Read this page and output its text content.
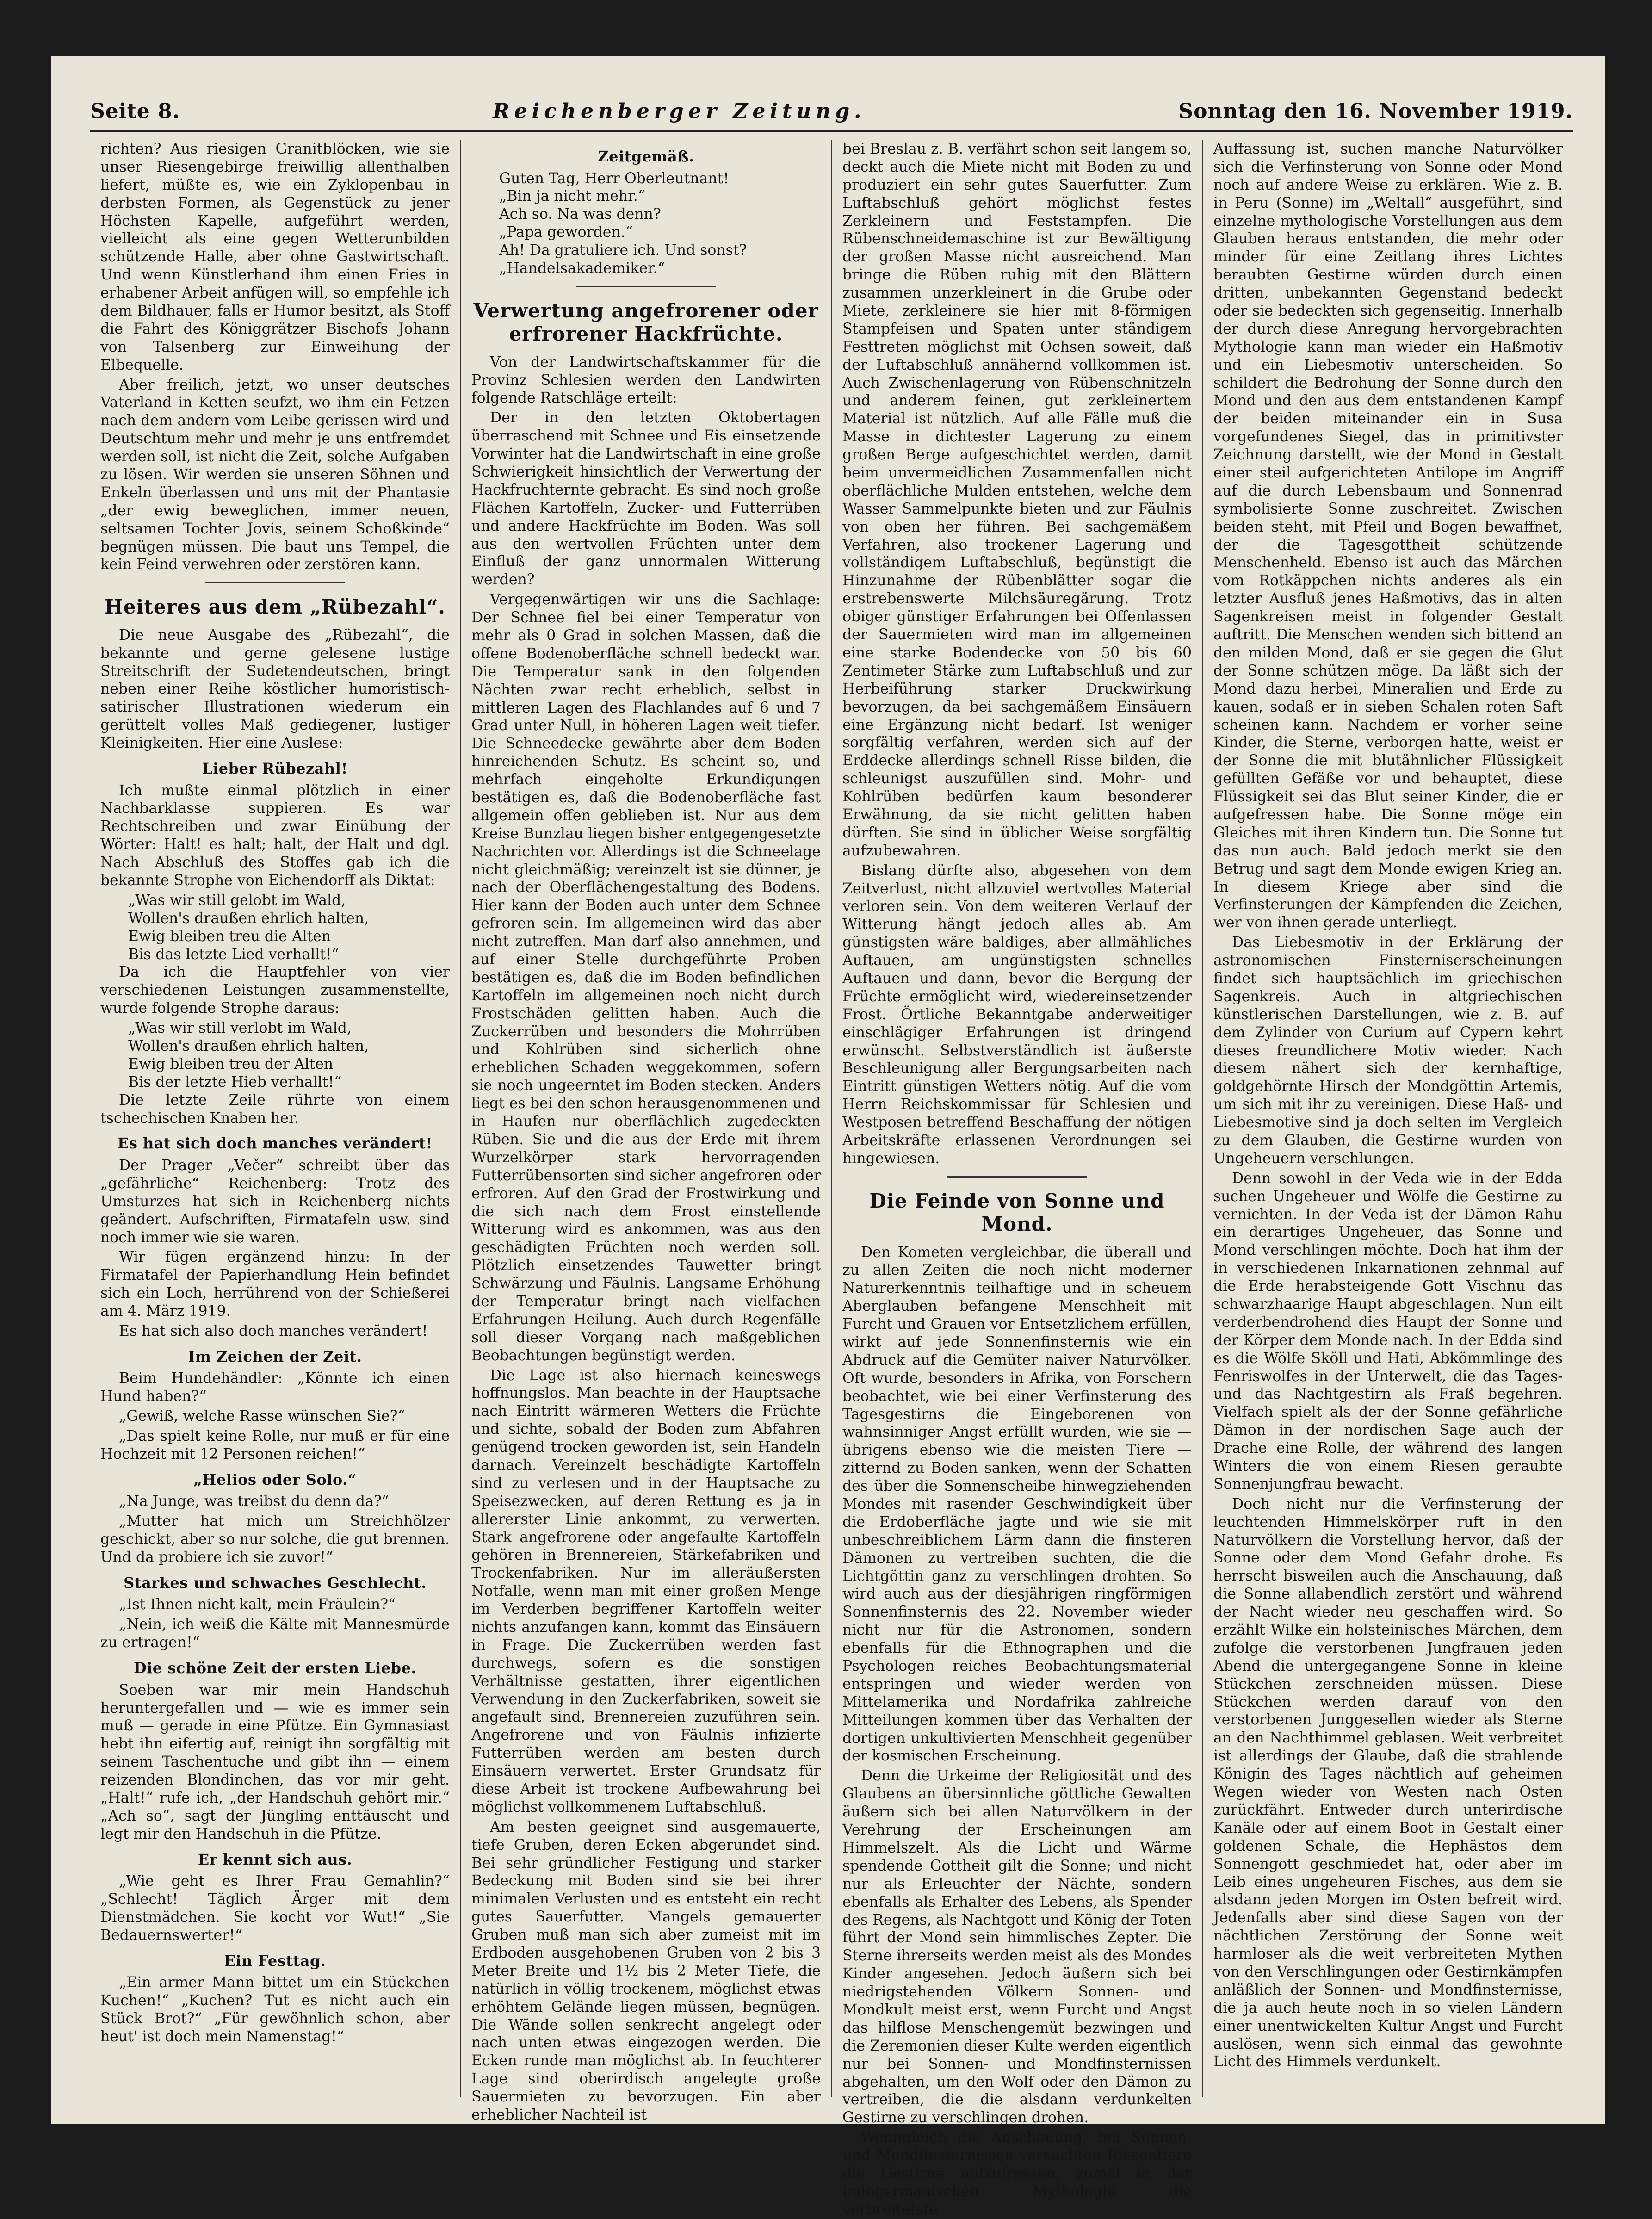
Seite 8.	Reichenberger Zeitung.	Sonntag den 16. November 1919.

richten? Aus riesigen Granitblöcken, wie sie unser Riesengebirge freiwillig allenthalben liefert, müßte es, wie ein Zyklopenbau in derbsten Formen, als Gegenstück zu jener Höchsten Kapelle, aufgeführt werden, vielleicht als eine gegen Wetterunbilden schützende Halle, aber ohne Gastwirtschaft. Und wenn Künstlerhand ihm einen Fries in erhabener Arbeit anfügen will, so empfehle ich dem Bildhauer, falls er Humor besitzt, als Stoff die Fahrt des Königgrätzer Bischofs Johann von Talsenberg zur Einweihung der Elbequelle.

Aber freilich, jetzt, wo unser deutsches Vaterland in Ketten seufzt, wo ihm ein Fetzen nach dem andern vom Leibe gerissen wird und Deutschtum mehr und mehr je uns entfremdet werden soll, ist nicht die Zeit, solche Aufgaben zu lösen. Wir werden sie unseren Söhnen und Enkeln überlassen und uns mit der Phantasie „der ewig beweglichen, immer neuen, seltsamen Tochter Jovis, seinem Schoßkinde“ begnügen müssen. Die baut uns Tempel, die kein Feind verwehren oder zerstören kann.

Heiteres aus dem „Rübezahl“.

Die neue Ausgabe des „Rübezahl“, die bekannte und gerne gelesene lustige Streitschrift der Sudetendeutschen, bringt neben einer Reihe köstlicher humoristisch-satirischer Illustrationen wiederum ein gerüttelt volles Maß gediegener, lustiger Kleinigkeiten. Hier eine Auslese:

Lieber Rübezahl!

Ich mußte einmal plötzlich in einer Nachbarklasse suppieren. Es war Rechtschreiben und zwar Einübung der Wörter: Halt! es halt; halt, der Halt und dgl. Nach Abschluß des Stoffes gab ich die bekannte Strophe von Eichendorff als Diktat:

„Was wir still gelobt im Wald,

Wollen's draußen ehrlich halten,

Ewig bleiben treu die Alten

Bis das letzte Lied verhallt!“

Da ich die Hauptfehler von vier verschiedenen Leistungen zusammenstellte, wurde folgende Strophe daraus:

„Was wir still verlobt im Wald,

Wollen's draußen ehrlich halten,

Ewig bleiben treu der Alten

Bis der letzte Hieb verhallt!“

Die letzte Zeile rührte von einem tschechischen Knaben her.

Es hat sich doch manches verändert!

Der Prager „Večer“ schreibt über das „gefährliche“ Reichenberg: Trotz des Umsturzes hat sich in Reichenberg nichts geändert. Aufschriften, Firmatafeln usw. sind noch immer wie sie waren.

Wir fügen ergänzend hinzu: In der Firmatafel der Papierhandlung Hein befindet sich ein Loch, herrührend von der Schießerei am 4. März 1919.

Es hat sich also doch manches verändert!

Im Zeichen der Zeit.

Beim Hundehändler: „Könnte ich einen Hund haben?“

„Gewiß, welche Rasse wünschen Sie?“

„Das spielt keine Rolle, nur muß er für eine Hochzeit mit 12 Personen reichen!“

„Helios oder Solo.“

„Na Junge, was treibst du denn da?“

„Mutter hat mich um Streichhölzer geschickt, aber so nur solche, die gut brennen. Und da probiere ich sie zuvor!“

Starkes und schwaches Geschlecht.

„Ist Ihnen nicht kalt, mein Fräulein?“

„Nein, ich weiß die Kälte mit Mannesmürde zu ertragen!“

Die schöne Zeit der ersten Liebe.

Soeben war mir mein Handschuh heruntergefallen und — wie es immer sein muß — gerade in eine Pfütze. Ein Gymnasiast hebt ihn eifertig auf, reinigt ihn sorgfältig mit seinem Taschentuche und gibt ihn — einem reizenden Blondinchen, das vor mir geht. „Halt!“ rufe ich, „der Handschuh gehört mir.“ „Ach so“, sagt der Jüngling enttäuscht und legt mir den Handschuh in die Pfütze.

Er kennt sich aus.

„Wie geht es Ihrer Frau Gemahlin?“ „Schlecht! Täglich Ärger mit dem Dienstmädchen. Sie kocht vor Wut!“ „Sie Bedauernswerter!“

Ein Festtag.

„Ein armer Mann bittet um ein Stückchen Kuchen!“ „Kuchen? Tut es nicht auch ein Stück Brot?“ „Für gewöhnlich schon, aber heut' ist doch mein Namenstag!“

Zeitgemäß.

Guten Tag, Herr Oberleutnant!

„Bin ja nicht mehr.“

Ach so. Na was denn?

„Papa geworden.“

Ah! Da gratuliere ich. Und sonst?

„Handelsakademiker.“

Verwertung angefrorener oder erfrorener Hackfrüchte.

Von der Landwirtschaftskammer für die Provinz Schlesien werden den Landwirten folgende Ratschläge erteilt:

Der in den letzten Oktobertagen überraschend mit Schnee und Eis einsetzende Vorwinter hat die Landwirtschaft in eine große Schwierigkeit hinsichtlich der Verwertung der Hackfruchternte gebracht. Es sind noch große Flächen Kartoffeln, Zucker- und Futterrüben und andere Hackfrüchte im Boden. Was soll aus den wertvollen Früchten unter dem Einfluß der ganz unnormalen Witterung werden?

Vergegenwärtigen wir uns die Sachlage: Der Schnee fiel bei einer Temperatur von mehr als 0 Grad in solchen Massen, daß die offene Bodenoberfläche schnell bedeckt war. Die Temperatur sank in den folgenden Nächten zwar recht erheblich, selbst in mittleren Lagen des Flachlandes auf 6 und 7 Grad unter Null, in höheren Lagen weit tiefer. Die Schneedecke gewährte aber dem Boden hinreichenden Schutz. Es scheint so, und mehrfach eingeholte Erkundigungen bestätigen es, daß die Bodenoberfläche fast allgemein offen geblieben ist. Nur aus dem Kreise Bunzlau liegen bisher entgegengesetzte Nachrichten vor. Allerdings ist die Schneelage nicht gleichmäßig; vereinzelt ist sie dünner, je nach der Oberflächengestaltung des Bodens. Hier kann der Boden auch unter dem Schnee gefroren sein. Im allgemeinen wird das aber nicht zutreffen. Man darf also annehmen, und auf einer Stelle durchgeführte Proben bestätigen es, daß die im Boden befindlichen Kartoffeln im allgemeinen noch nicht durch Frostschäden gelitten haben. Auch die Zuckerrüben und besonders die Mohrrüben und Kohlrüben sind sicherlich ohne erheblichen Schaden weggekommen, sofern sie noch ungeerntet im Boden stecken. Anders liegt es bei den schon herausgenommenen und in Haufen nur oberflächlich zugedeckten Rüben. Sie und die aus der Erde mit ihrem Wurzelkörper stark hervorragenden Futterrübensorten sind sicher angefroren oder erfroren. Auf den Grad der Frostwirkung und die sich nach dem Frost einstellende Witterung wird es ankommen, was aus den geschädigten Früchten noch werden soll. Plötzlich einsetzendes Tauwetter bringt Schwärzung und Fäulnis. Langsame Erhöhung der Temperatur bringt nach vielfachen Erfahrungen Heilung. Auch durch Regenfälle soll dieser Vorgang nach maßgeblichen Beobachtungen begünstigt werden.

Die Lage ist also hiernach keineswegs hoffnungslos. Man beachte in der Hauptsache nach Eintritt wärmeren Wetters die Früchte und sichte, sobald der Boden zum Abfahren genügend trocken geworden ist, sein Handeln darnach. Vereinzelt beschädigte Kartoffeln sind zu verlesen und in der Hauptsache zu Speisezwecken, auf deren Rettung es ja in allererster Linie ankommt, zu verwerten. Stark angefrorene oder angefaulte Kartoffeln gehören in Brennereien, Stärkefabriken und Trockenfabriken. Nur im alleräußersten Notfalle, wenn man mit einer großen Menge im Verderben begriffener Kartoffeln weiter nichts anzufangen kann, kommt das Einsäuern in Frage. Die Zuckerrüben werden fast durchwegs, sofern es die sonstigen Verhältnisse gestatten, ihrer eigentlichen Verwendung in den Zuckerfabriken, soweit sie angefault sind, Brennereien zuzuführen sein. Angefrorene und von Fäulnis infizierte Futterrüben werden am besten durch Einsäuern verwertet. Erster Grundsatz für diese Arbeit ist trockene Aufbewahrung bei möglichst vollkommenem Luftabschluß.

Am besten geeignet sind ausgemauerte, tiefe Gruben, deren Ecken abgerundet sind. Bei sehr gründlicher Festigung und starker Bedeckung mit Boden sind sie bei ihrer minimalen Verlusten und es entsteht ein recht gutes Sauerfutter. Mangels gemauerter Gruben muß man sich aber zumeist mit im Erdboden ausgehobenen Gruben von 2 bis 3 Meter Breite und 1½ bis 2 Meter Tiefe, die natürlich in völlig trockenem, möglichst etwas erhöhtem Gelände liegen müssen, begnügen. Die Wände sollen senkrecht angelegt oder nach unten etwas eingezogen werden. Die Ecken runde man möglichst ab. In feuchterer Lage sind oberirdisch angelegte große Sauermieten zu bevorzugen. Ein aber erheblicher Nachteil ist

bei Breslau z. B. verfährt schon seit langem so, deckt auch die Miete nicht mit Boden zu und produziert ein sehr gutes Sauerfutter. Zum Luftabschluß gehört möglichst festes Zerkleinern und Feststampfen. Die Rübenschneidemaschine ist zur Bewältigung der großen Masse nicht ausreichend. Man bringe die Rüben ruhig mit den Blättern zusammen unzerkleinert in die Grube oder Miete, zerkleinere sie hier mit 8-förmigen Stampfeisen und Spaten unter ständigem Festtreten möglichst mit Ochsen soweit, daß der Luftabschluß annähernd vollkommen ist. Auch Zwischenlagerung von Rübenschnitzeln und anderem feinen, gut zerkleinertem Material ist nützlich. Auf alle Fälle muß die Masse in dichtester Lagerung zu einem großen Berge aufgeschichtet werden, damit beim unvermeidlichen Zusammenfallen nicht oberflächliche Mulden entstehen, welche dem Wasser Sammelpunkte bieten und zur Fäulnis von oben her führen. Bei sachgemäßem Verfahren, also trockener Lagerung und vollständigem Luftabschluß, begünstigt die Hinzunahme der Rübenblätter sogar die erstrebenswerte Milchsäuregärung. Trotz obiger günstiger Erfahrungen bei Offenlassen der Sauermieten wird man im allgemeinen eine starke Bodendecke von 50 bis 60 Zentimeter Stärke zum Luftabschluß und zur Herbeiführung starker Druckwirkung bevorzugen, da bei sachgemäßem Einsäuern eine Ergänzung nicht bedarf. Ist weniger sorgfältig verfahren, werden sich auf der Erddecke allerdings schnell Risse bilden, die schleunigst auszufüllen sind. Mohr- und Kohlrüben bedürfen kaum besonderer Erwähnung, da sie nicht gelitten haben dürften. Sie sind in üblicher Weise sorgfältig aufzubewahren.

Bislang dürfte also, abgesehen von dem Zeitverlust, nicht allzuviel wertvolles Material verloren sein. Von dem weiteren Verlauf der Witterung hängt jedoch alles ab. Am günstigsten wäre baldiges, aber allmähliches Auftauen, am ungünstigsten schnelles Auftauen und dann, bevor die Bergung der Früchte ermöglicht wird, wiedereinsetzender Frost. Örtliche Bekanntgabe anderweitiger einschlägiger Erfahrungen ist dringend erwünscht. Selbstverständlich ist äußerste Beschleunigung aller Bergungsarbeiten nach Eintritt günstigen Wetters nötig. Auf die vom Herrn Reichskommissar für Schlesien und Westposen betreffend Beschaffung der nötigen Arbeitskräfte erlassenen Verordnungen sei hingewiesen.

Die Feinde von Sonne und Mond.

Den Kometen vergleichbar, die überall und zu allen Zeiten die noch nicht moderner Naturerkenntnis teilhaftige und in scheuem Aberglauben befangene Menschheit mit Furcht und Grauen vor Entsetzlichem erfüllen, wirkt auf jede Sonnenfinsternis wie ein Abdruck auf die Gemüter naiver Naturvölker. Oft wurde, besonders in Afrika, von Forschern beobachtet, wie bei einer Verfinsterung des Tagesgestirns die Eingeborenen von wahnsinniger Angst erfüllt wurden, wie sie — übrigens ebenso wie die meisten Tiere — zitternd zu Boden sanken, wenn der Schatten des über die Sonnenscheibe hinwegziehenden Mondes mit rasender Geschwindigkeit über die Erdoberfläche jagte und wie sie mit unbeschreiblichem Lärm dann die finsteren Dämonen zu vertreiben suchten, die die Lichtgöttin ganz zu verschlingen drohten. So wird auch aus der diesjährigen ringförmigen Sonnenfinsternis des 22. November wieder nicht nur für die Astronomen, sondern ebenfalls für die Ethnographen und die Psychologen reiches Beobachtungsmaterial entspringen und wieder werden von Mittelamerika und Nordafrika zahlreiche Mitteilungen kommen über das Verhalten der dortigen unkultivierten Menschheit gegenüber der kosmischen Erscheinung.

Denn die Urkeime der Religiosität und des Glaubens an übersinnliche göttliche Gewalten äußern sich bei allen Naturvölkern in der Verehrung der Erscheinungen am Himmelszelt. Als die Licht und Wärme spendende Gottheit gilt die Sonne; und nicht nur als Erleuchter der Nächte, sondern ebenfalls als Erhalter des Lebens, als Spender des Regens, als Nachtgott und König der Toten führt der Mond sein himmlisches Zepter. Die Sterne ihrerseits werden meist als des Mondes Kinder angesehen. Jedoch äußern sich bei niedrigstehenden Völkern Sonnen- und Mondkult meist erst, wenn Furcht und Angst das hilflose Menschengemüt bezwingen und die Zeremonien dieser Kulte werden eigentlich nur bei Sonnen- und Mondfinsternissen abgehalten, um den Wolf oder den Dämon zu vertreiben, die die alsdann verdunkelten Gestirne zu verschlingen drohen.

Wenngleich die Anschauung, bei Sonnen- und Mondfinsternissen versuchten Riesentiere die Gestirne aufzufressen, zumal in der indogermanischen Mythologie die verbreitetste

Auffassung ist, suchen manche Naturvölker sich die Verfinsterung von Sonne oder Mond noch auf andere Weise zu erklären. Wie z. B. in Peru (Sonne) im „Weltall“ ausgeführt, sind einzelne mythologische Vorstellungen aus dem Glauben heraus entstanden, die mehr oder minder für eine Zeitlang ihres Lichtes beraubten Gestirne würden durch einen dritten, unbekannten Gegenstand bedeckt oder sie bedeckten sich gegenseitig. Innerhalb der durch diese Anregung hervorgebrachten Mythologie kann man wieder ein Haßmotiv und ein Liebesmotiv unterscheiden. So schildert die Bedrohung der Sonne durch den Mond und den aus dem entstandenen Kampf der beiden miteinander ein in Susa vorgefundenes Siegel, das in primitivster Zeichnung darstellt, wie der Mond in Gestalt einer steil aufgerichteten Antilope im Angriff auf die durch Lebensbaum und Sonnenrad symbolisierte Sonne zuschreitet. Zwischen beiden steht, mit Pfeil und Bogen bewaffnet, der die Tagesgottheit schützende Menschenheld. Ebenso ist auch das Märchen vom Rotkäppchen nichts anderes als ein letzter Ausfluß jenes Haßmotivs, das in alten Sagenkreisen meist in folgender Gestalt auftritt. Die Menschen wenden sich bittend an den milden Mond, daß er sie gegen die Glut der Sonne schützen möge. Da läßt sich der Mond dazu herbei, Mineralien und Erde zu kauen, sodaß er in sieben Schalen roten Saft scheinen kann. Nachdem er vorher seine Kinder, die Sterne, verborgen hatte, weist er der Sonne die mit blutähnlicher Flüssigkeit gefüllten Gefäße vor und behauptet, diese Flüssigkeit sei das Blut seiner Kinder, die er aufgefressen habe. Die Sonne möge ein Gleiches mit ihren Kindern tun. Die Sonne tut das nun auch. Bald jedoch merkt sie den Betrug und sagt dem Monde ewigen Krieg an. In diesem Kriege aber sind die Verfinsterungen der Kämpfenden die Zeichen, wer von ihnen gerade unterliegt.

Das Liebesmotiv in der Erklärung der astronomischen Finsterniserscheinungen findet sich hauptsächlich im griechischen Sagenkreis. Auch in altgriechischen künstlerischen Darstellungen, wie z. B. auf dem Zylinder von Curium auf Cypern kehrt dieses freundlichere Motiv wieder. Nach diesem nähert sich der kernhaftige, goldgehörnte Hirsch der Mondgöttin Artemis, um sich mit ihr zu vereinigen. Diese Haß- und Liebesmotive sind ja doch selten im Vergleich zu dem Glauben, die Gestirne wurden von Ungeheuern verschlungen.

Denn sowohl in der Veda wie in der Edda suchen Ungeheuer und Wölfe die Gestirne zu vernichten. In der Veda ist der Dämon Rahu ein derartiges Ungeheuer, das Sonne und Mond verschlingen möchte. Doch hat ihm der in verschiedenen Inkarnationen zehnmal auf die Erde herabsteigende Gott Vischnu das schwarzhaarige Haupt abgeschlagen. Nun eilt verderbendrohend dies Haupt der Sonne und der Körper dem Monde nach. In der Edda sind es die Wölfe Sköll und Hati, Abkömmlinge des Fenriswolfes in der Unterwelt, die das Tages- und das Nachtgestirn als Fraß begehren. Vielfach spielt als der der Sonne gefährliche Dämon in der nordischen Sage auch der Drache eine Rolle, der während des langen Winters die von einem Riesen geraubte Sonnenjungfrau bewacht.

Doch nicht nur die Verfinsterung der leuchtenden Himmelskörper ruft in den Naturvölkern die Vorstellung hervor, daß der Sonne oder dem Mond Gefahr drohe. Es herrscht bisweilen auch die Anschauung, daß die Sonne allabendlich zerstört und während der Nacht wieder neu geschaffen wird. So erzählt Wilke ein holsteinisches Märchen, dem zufolge die verstorbenen Jungfrauen jeden Abend die untergegangene Sonne in kleine Stückchen zerschneiden müssen. Diese Stückchen werden darauf von den verstorbenen Junggesellen wieder als Sterne an den Nachthimmel geblasen. Weit verbreitet ist allerdings der Glaube, daß die strahlende Königin des Tages nächtlich auf geheimen Wegen wieder von Westen nach Osten zurückfährt. Entweder durch unterirdische Kanäle oder auf einem Boot in Gestalt einer goldenen Schale, die Hephästos dem Sonnengott geschmiedet hat, oder aber im Leib eines ungeheuren Fisches, aus dem sie alsdann jeden Morgen im Osten befreit wird. Jedenfalls aber sind diese Sagen von der nächtlichen Zerstörung der Sonne weit harmloser als die weit verbreiteten Mythen von den Verschlingungen oder Gestirnkämpfen anläßlich der Sonnen- und Mondfinsternisse, die ja auch heute noch in so vielen Ländern einer unentwickelten Kultur Angst und Furcht auslösen, wenn sich einmal das gewohnte Licht des Himmels verdunkelt.
